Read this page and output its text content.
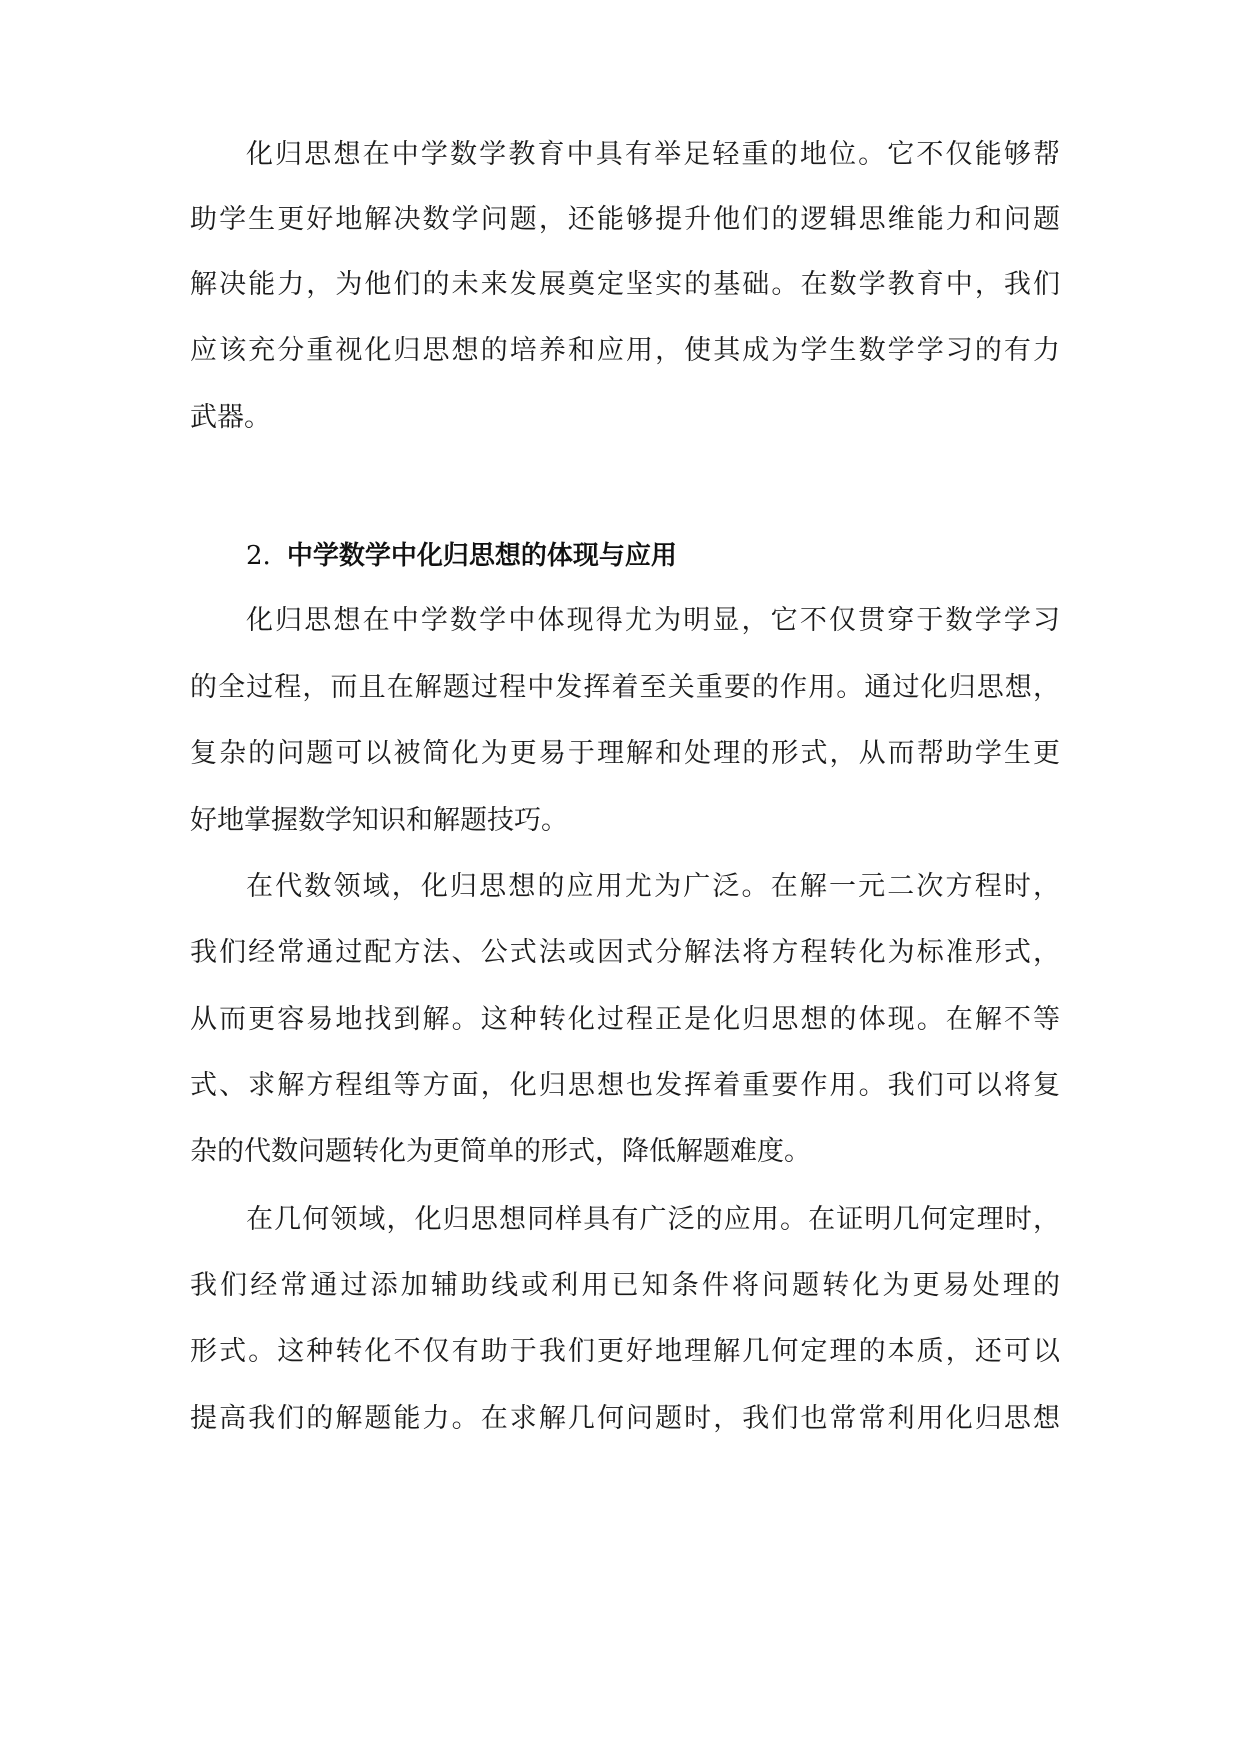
化归思想在中学数学教育中具有举足轻重的地位。它不仅能够帮
助学生更好地解决数学问题，还能够提升他们的逻辑思维能力和问题
解决能力，为他们的未来发展奠定坚实的基础。在数学教育中，我们
应该充分重视化归思想的培养和应用，使其成为学生数学学习的有力
武器。
2. 中学数学中化归思想的体现与应用
化归思想在中学数学中体现得尤为明显，它不仅贯穿于数学学习
的全过程，而且在解题过程中发挥着至关重要的作用。通过化归思想，
复杂的问题可以被简化为更易于理解和处理的形式，从而帮助学生更
好地掌握数学知识和解题技巧。
在代数领域，化归思想的应用尤为广泛。在解一元二次方程时，
我们经常通过配方法、公式法或因式分解法将方程转化为标准形式，
从而更容易地找到解。这种转化过程正是化归思想的体现。在解不等
式、求解方程组等方面，化归思想也发挥着重要作用。我们可以将复
杂的代数问题转化为更简单的形式，降低解题难度。
在几何领域，化归思想同样具有广泛的应用。在证明几何定理时，
我们经常通过添加辅助线或利用已知条件将问题转化为更易处理的
形式。这种转化不仅有助于我们更好地理解几何定理的本质，还可以
提高我们的解题能力。在求解几何问题时，我们也常常利用化归思想
